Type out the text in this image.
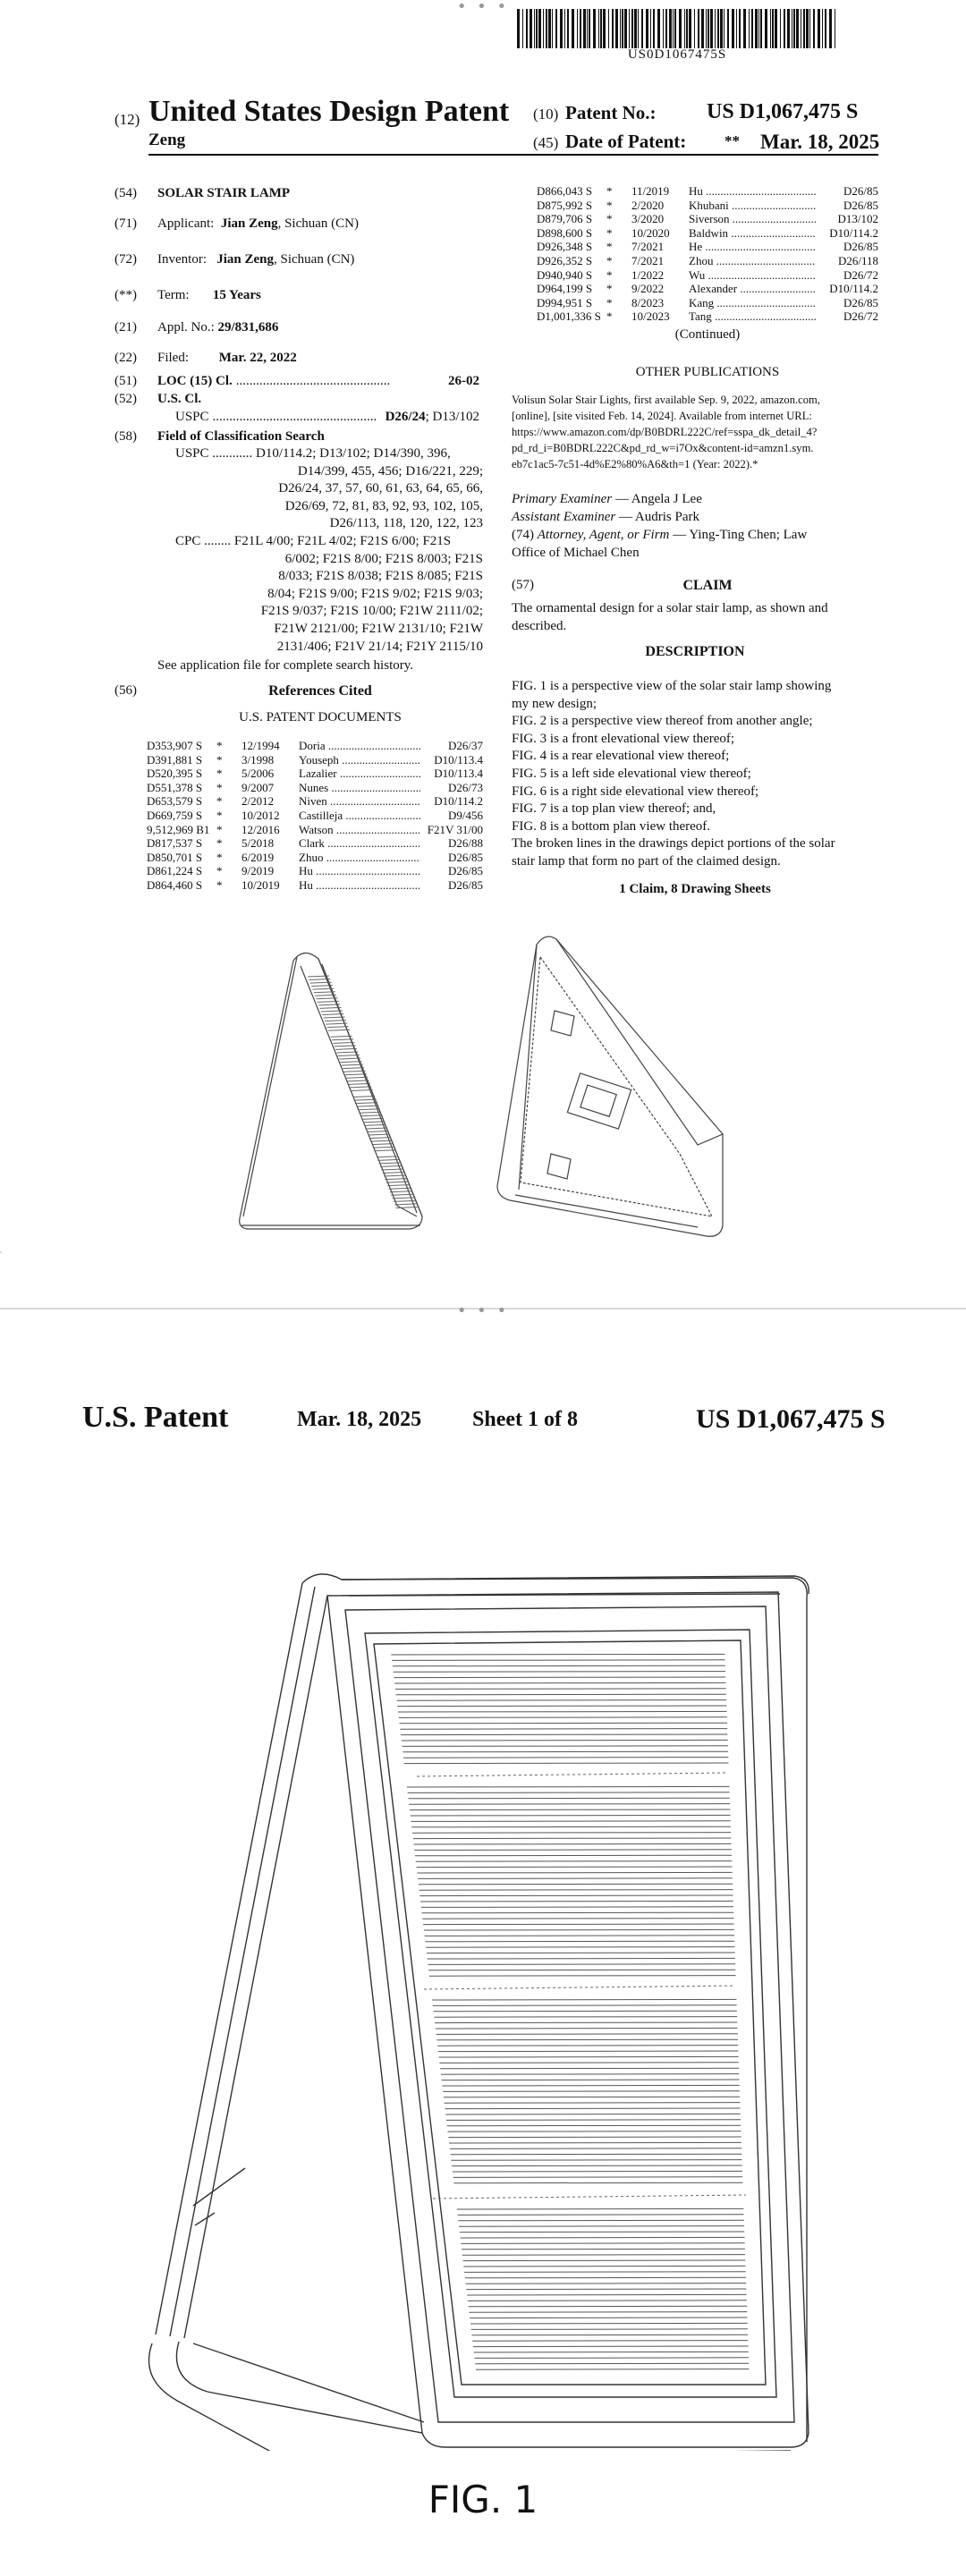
• • •
US0D1067475S
(12) United States Design Patent
Zeng
(10) Patent No.: US D1,067,475 S
(45) Date of Patent:	** Mar. 18, 2025
(54) SOLAR STAIR LAMP
(71) Applicant: Jian Zeng, Sichuan (CN)
(72) Inventor: Jian Zeng, Sichuan (CN)
(**) Term: 15 Years
(21) Appl. No.: 29/831,686
(22) Filed: Mar. 22, 2022
(51) LOC (15) Cl. ..............................................	26-02
(52) U.S. Cl.
USPC ................................................. D26/24 ; D13/102
(58) Field of Classification Search
USPC ............ D10/114.2; D13/102; D14/390, 396,
D14/399, 455, 456; D16/221, 229;
D26/24, 37, 57, 60, 61, 63, 64, 65, 66,
D26/69, 72, 81, 83, 92, 93, 102, 105,
D26/113, 118, 120, 122, 123
CPC ........ F21L 4/00; F21L 4/02; F21S 6/00; F21S
6/002; F21S 8/00; F21S 8/003; F21S
8/033; F21S 8/038; F21S 8/085; F21S
8/04; F21S 9/00; F21S 9/02; F21S 9/03;
F21S 9/037; F21S 10/00; F21W 2111/02;
F21W 2121/00; F21W 2131/10; F21W
2131/406; F21V 21/14; F21Y 2115/10
See application file for complete search history.
(56)	References Cited
U.S. PATENT DOCUMENTS
D353,907 S	*	12/1994	Doria .....	D26/37
D391,881 S	*	3/1998	Youseph .....	D10/113.4
D520,395 S	*	5/2006	Lazalier .....	D10/113.4
D551,378 S	*	9/2007	Nunes .....	D26/73
D653,579 S	*	2/2012	Niven .....	D10/114.2
D669,759 S	*	10/2012	Castilleja .....	D9/456
9,512,969 B1 *	12/2016	Watson .....	F21V 31/00
D817,537 S	*	5/2018	Clark .....	D26/88
D850,701 S	*	6/2019	Zhuo .....	D26/85
D861,224 S	*	9/2019	Hu .....	D26/85
D864,460 S	*	10/2019	Hu .....	D26/85
D866,043 S	*	11/2019	Hu .....	D26/85
D875,992 S	*	2/2020	Khubani .....	D26/85
D879,706 S	*	3/2020	Siverson .....	D13/102
D898,600 S	*	10/2020	Baldwin .....	D10/114.2
D926,348 S	*	7/2021	He .....	D26/85
D926,352 S	*	7/2021	Zhou .....	D26/118
D940,940 S	*	1/2022	Wu .....	D26/72
D964,199 S	*	9/2022	Alexander .....	D10/114.2
D994,951 S	*	8/2023	Kang .....	D26/85
D1,001,336 S *	10/2023	Tang .....	D26/72
(Continued)
OTHER PUBLICATIONS
Volisun Solar Stair Lights, first available Sep. 9, 2022, amazon.com,
[online], [site visited Feb. 14, 2024]. Available from internet URL:
https://www.amazon.com/dp/B0BDRL222C/ref=sspa_dk_detail_4?
pd_rd_i=B0BDRL222C&pd_rd_w=i7Ox&content-id=amzn1.sym.
eb7c1ac5-7c51-4d%E2%80%A6&th=1 (Year: 2022).*
Primary Examiner — Angela J Lee
Assistant Examiner — Audris Park
(74) Attorney, Agent, or Firm — Ying-Ting Chen; Law
Office of Michael Chen
(57)	CLAIM
The ornamental design for a solar stair lamp, as shown and
described.
DESCRIPTION
FIG. 1 is a perspective view of the solar stair lamp showing
my new design;
FIG. 2 is a perspective view thereof from another angle;
FIG. 3 is a front elevational view thereof;
FIG. 4 is a rear elevational view thereof;
FIG. 5 is a left side elevational view thereof;
FIG. 6 is a right side elevational view thereof;
FIG. 7 is a top plan view thereof; and,
FIG. 8 is a bottom plan view thereof.
The broken lines in the drawings depict portions of the solar
stair lamp that form no part of the claimed design.
1 Claim, 8 Drawing Sheets
'
• • •
U.S. Patent	Mar. 18, 2025 Sheet 1 of 8	US D1,067,475 S
FIG. 1
